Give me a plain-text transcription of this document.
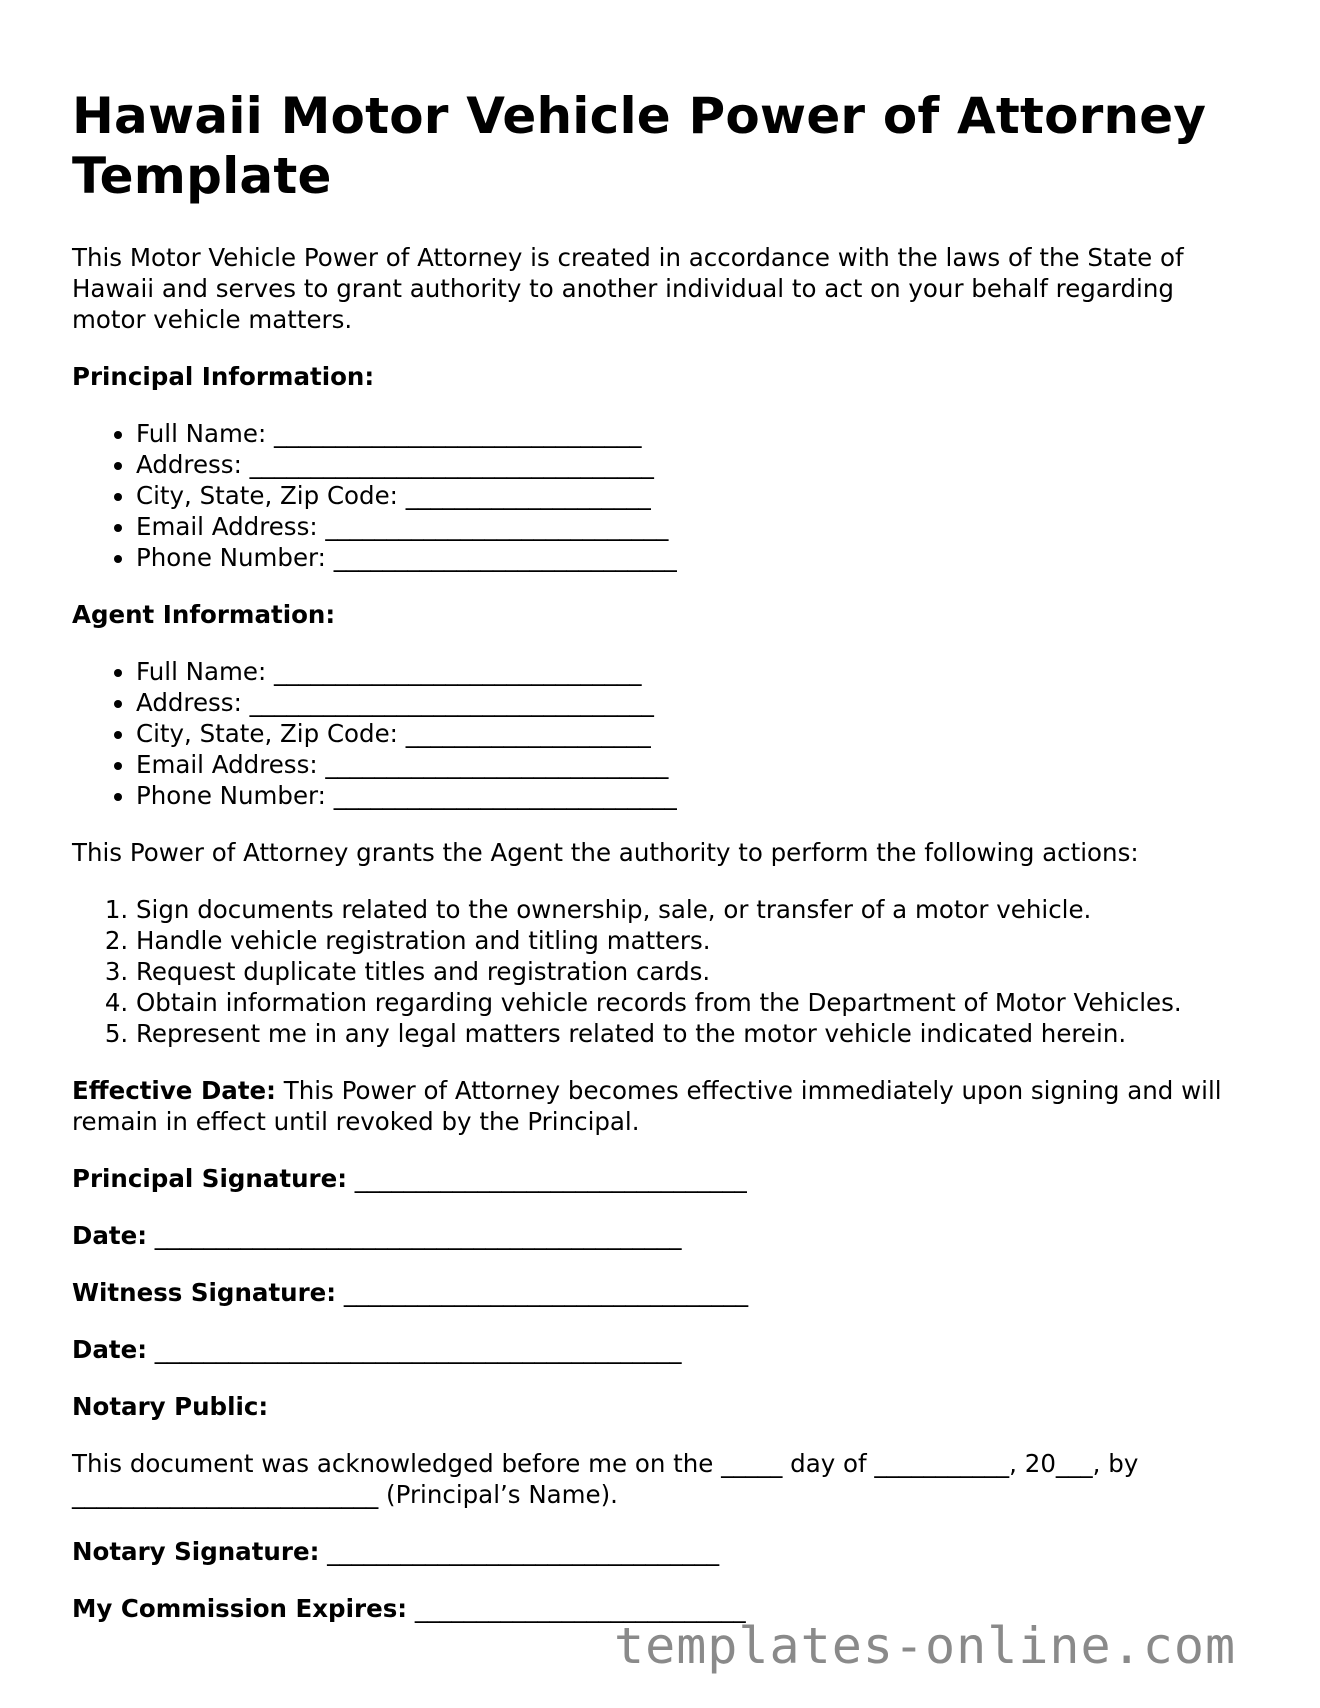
Hawaii Motor Vehicle Power of Attorney Template

This Motor Vehicle Power of Attorney is created in accordance with the laws of the State of Hawaii and serves to grant authority to another individual to act on your behalf regarding motor vehicle matters.

Principal Information:

• Full Name: ______________________________
• Address: _________________________________
• City, State, Zip Code: ____________________
• Email Address: ____________________________
• Phone Number: ____________________________

Agent Information:

• Full Name: ______________________________
• Address: _________________________________
• City, State, Zip Code: ____________________
• Email Address: ____________________________
• Phone Number: ____________________________

This Power of Attorney grants the Agent the authority to perform the following actions:

1. Sign documents related to the ownership, sale, or transfer of a motor vehicle.
2. Handle vehicle registration and titling matters.
3. Request duplicate titles and registration cards.
4. Obtain information regarding vehicle records from the Department of Motor Vehicles.
5. Represent me in any legal matters related to the motor vehicle indicated herein.

Effective Date: This Power of Attorney becomes effective immediately upon signing and will remain in effect until revoked by the Principal.

Principal Signature: ________________________________
Date: ___________________________________________
Witness Signature: _________________________________
Date: ___________________________________________

Notary Public:

This document was acknowledged before me on the _____ day of ___________, 20___, by _________________________ (Principal’s Name).

Notary Signature: ________________________________
My Commission Expires: ___________________________
templates-online.com
